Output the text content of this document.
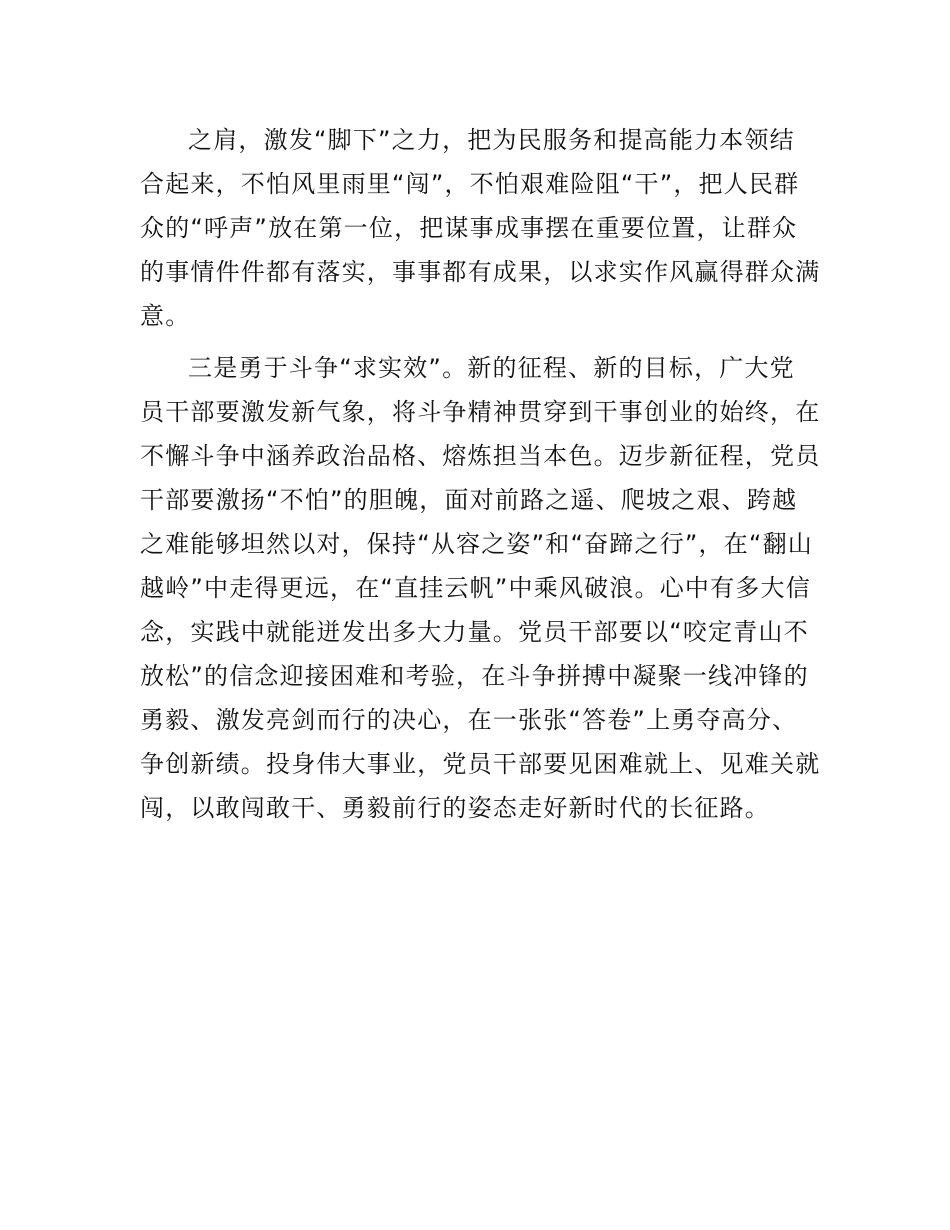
之肩，激发“脚下”之力，把为民服务和提高能力本领结
合起来，不怕风里雨里“闯”，不怕艰难险阻“干”，把人民群
众的“呼声”放在第一位，把谋事成事摆在重要位置，让群众
的事情件件都有落实，事事都有成果，以求实作风赢得群众满
意。
三是勇于斗争“求实效”。新的征程、新的目标，广大党
员干部要激发新气象，将斗争精神贯穿到干事创业的始终，在
不懈斗争中涵养政治品格、熔炼担当本色。迈步新征程，党员
干部要激扬“不怕”的胆魄，面对前路之遥、爬坡之艰、跨越
之难能够坦然以对，保持“从容之姿”和“奋蹄之行”，在“翻山
越岭”中走得更远，在“直挂云帆”中乘风破浪。心中有多大信
念，实践中就能迸发出多大力量。党员干部要以“咬定青山不
放松”的信念迎接困难和考验，在斗争拼搏中凝聚一线冲锋的
勇毅、激发亮剑而行的决心，在一张张“答卷”上勇夺高分、
争创新绩。投身伟大事业，党员干部要见困难就上、见难关就
闯，以敢闯敢干、勇毅前行的姿态走好新时代的长征路。
